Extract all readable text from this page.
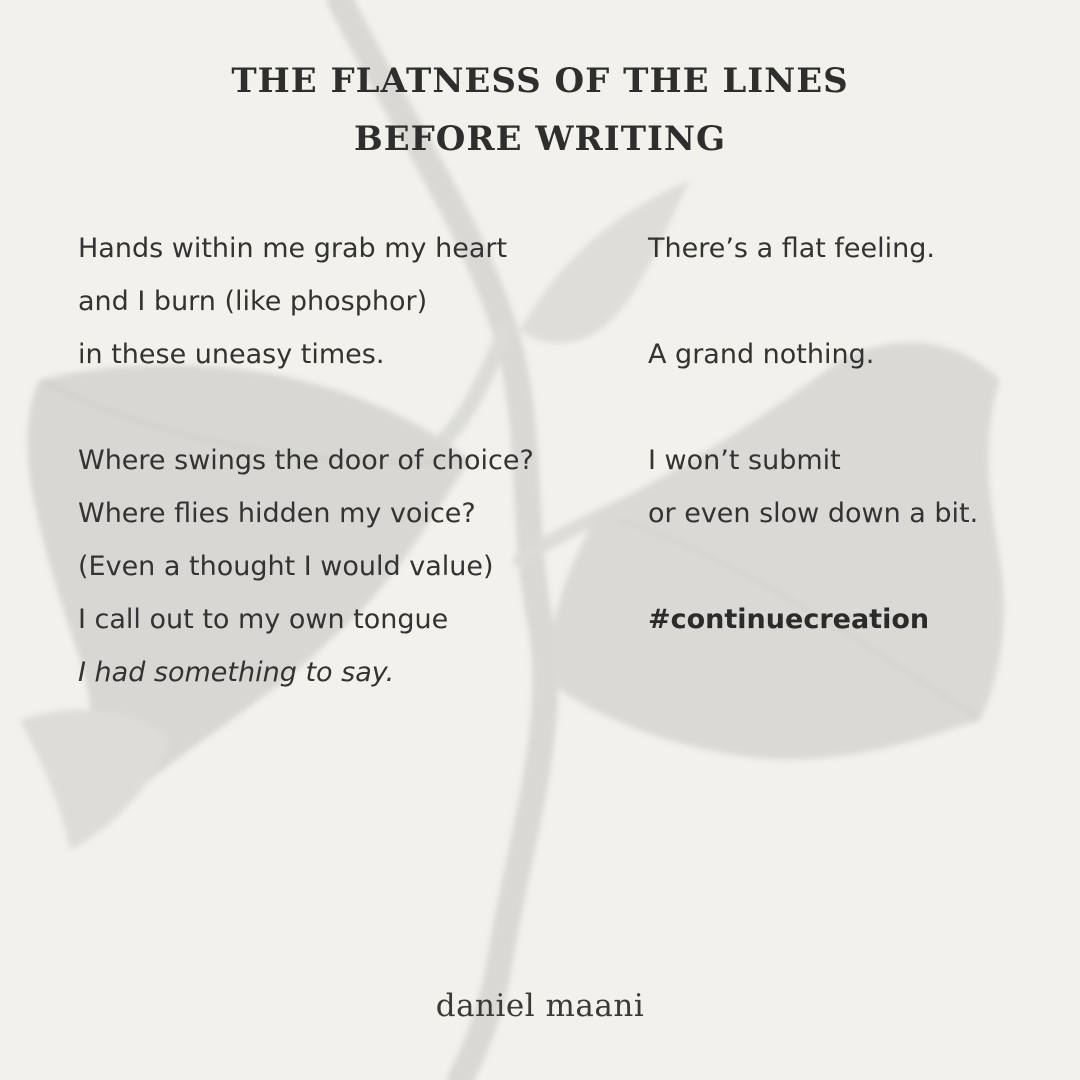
THE FLATNESS OF THE LINES
BEFORE WRITING
Hands within me grab my heart
and I burn (like phosphor)
in these uneasy times.
Where swings the door of choice?
Where flies hidden my voice?
(Even a thought I would value)
I call out to my own tongue
I had something to say.
There’s a flat feeling.
A grand nothing.
I won’t submit
or even slow down a bit.
#continuecreation
daniel maani
